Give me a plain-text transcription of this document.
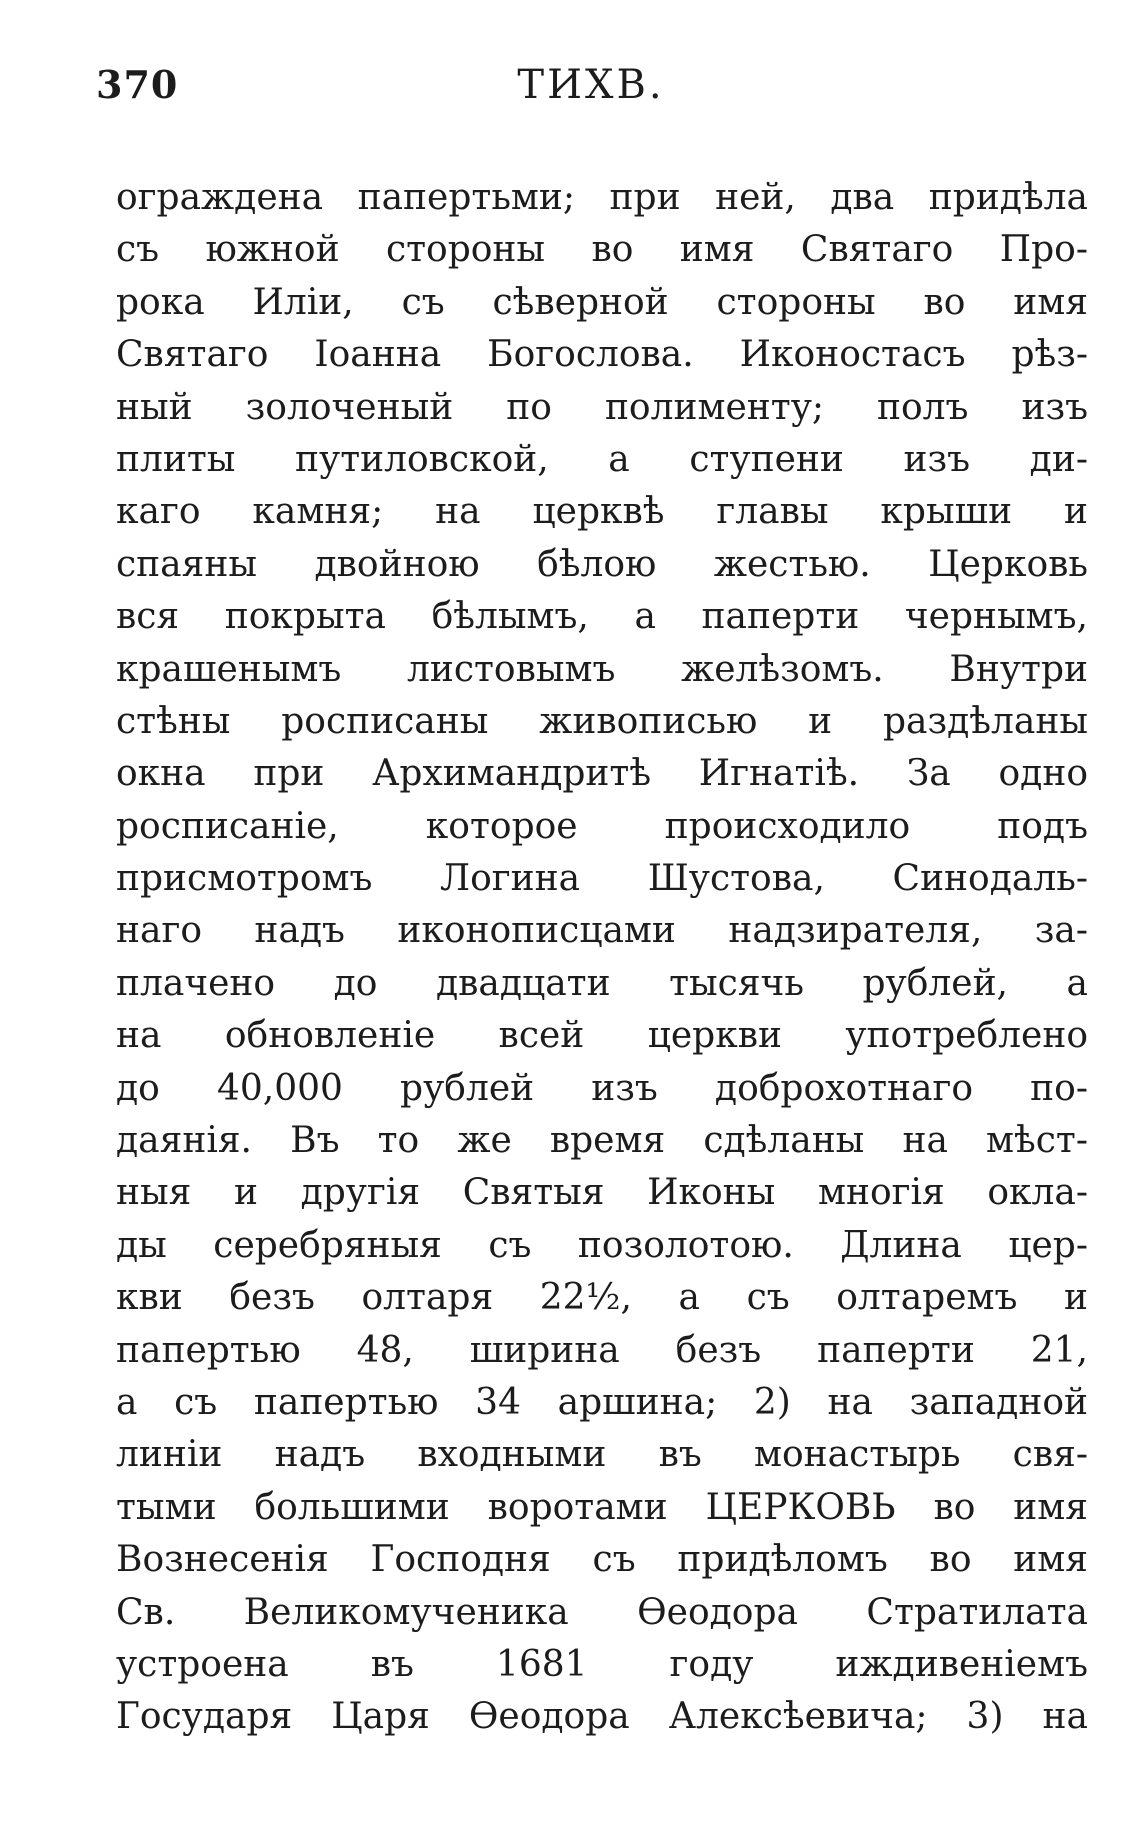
370	ТИХВ.
ограждена папертьми; при ней, два придѣла
съ южной стороны во имя Святаго Про-
рока Иліи, съ сѣверной стороны во имя
Святаго Іоанна Богослова. Иконостасъ рѣз-
ный золоченый по полименту; полъ изъ
плиты путиловской, а ступени изъ ди-
каго камня; на церквѣ главы крыши и
спаяны двойною бѣлою жестью. Церковь
вся покрыта бѣлымъ, а паперти чернымъ,
крашенымъ листовымъ желѣзомъ. Внутри
стѣны росписаны живописью и раздѣланы
окна при Архимандритѣ Игнатіѣ. За одно
росписаніе, которое происходило подъ
присмотромъ Логина Шустова, Синодаль-
наго надъ иконописцами надзирателя, за-
плачено до двадцати тысячь рублей, а
на обновленіе всей церкви употреблено
до 40,000 рублей изъ доброхотнаго по-
даянія. Въ то же время сдѣланы на мѣст-
ныя и другія Святыя Иконы многія окла-
ды серебряныя съ позолотою. Длина цер-
кви безъ олтаря 22½, а съ олтаремъ и
папертью 48, ширина безъ паперти 21,
а съ папертью 34 аршина; 2) на западной
линіи надъ входными въ монастырь свя-
тыми большими воротами ЦЕРКОВЬ во имя
Вознесенія Господня съ придѣломъ во имя
Св. Великомученика Ѳеодора Стратилата
устроена въ 1681 году иждивеніемъ
Государя Царя Ѳеодора Алексѣевича; 3) на
